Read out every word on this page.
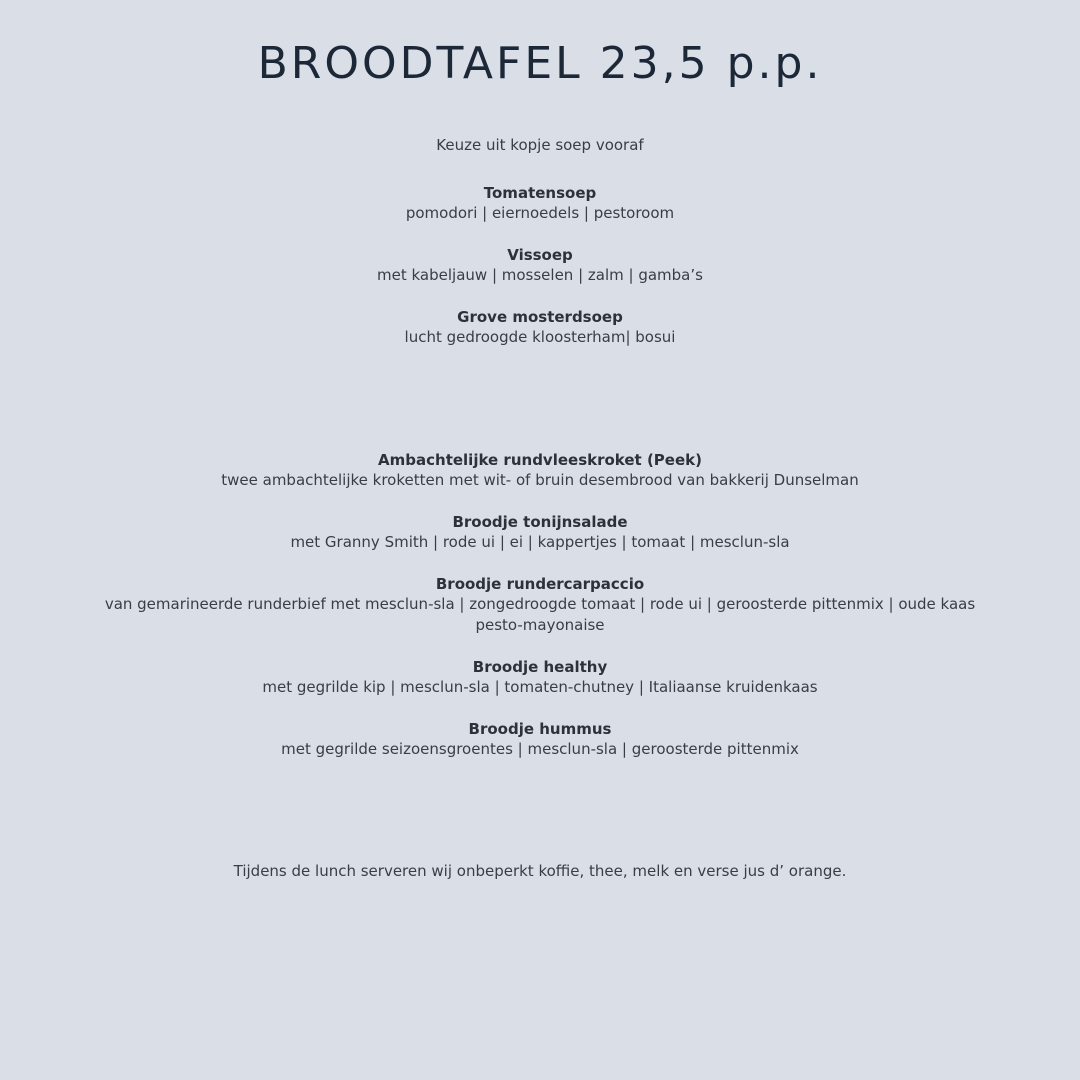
BROODTAFEL 23,5 p.p.
Keuze uit kopje soep vooraf
Tomatensoep
pomodori | eiernoedels | pestoroom
Vissoep
met kabeljauw | mosselen | zalm | gamba’s
Grove mosterdsoep
lucht gedroogde kloosterham| bosui
Ambachtelijke rundvleeskroket (Peek)
twee ambachtelijke kroketten met wit- of bruin desembrood van bakkerij Dunselman
Broodje tonijnsalade
met Granny Smith | rode ui | ei | kappertjes | tomaat | mesclun-sla
Broodje rundercarpaccio
van gemarineerde runderbief met mesclun-sla | zongedroogde tomaat | rode ui | geroosterde pittenmix | oude kaas
pesto-mayonaise
Broodje healthy
met gegrilde kip | mesclun-sla | tomaten-chutney | Italiaanse kruidenkaas
Broodje hummus
met gegrilde seizoensgroentes | mesclun-sla | geroosterde pittenmix
Tijdens de lunch serveren wij onbeperkt koffie, thee, melk en verse jus d’ orange.
